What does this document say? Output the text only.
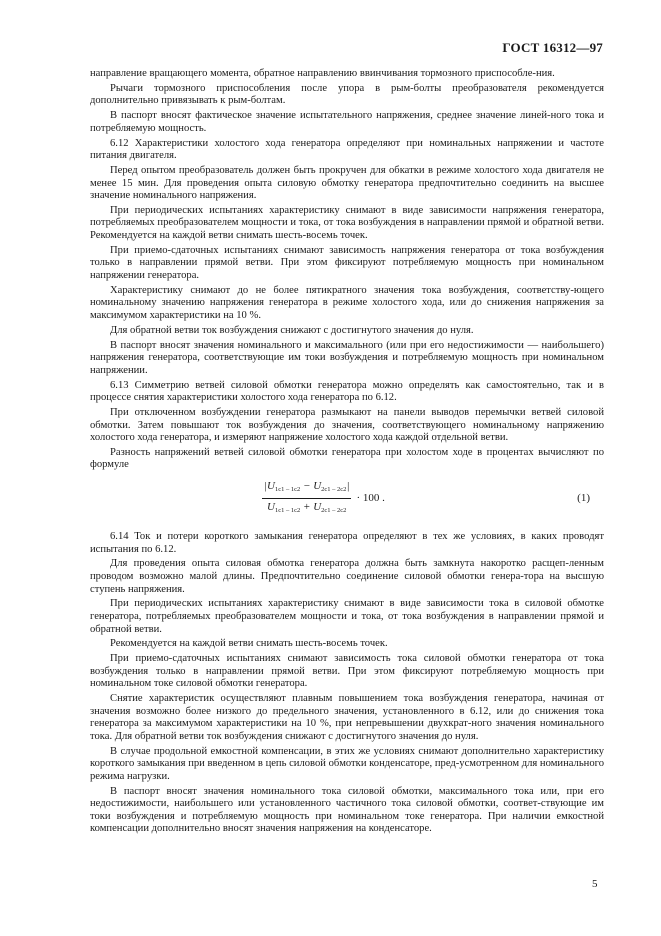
ГОСТ 16312—97

направление вращающего момента, обратное направлению ввинчивания тормозного приспособле-ния.

Рычаги тормозного приспособления после упора в рым-болты преобразователя рекомендуется дополнительно привязывать к рым-болтам.

В паспорт вносят фактическое значение испытательного напряжения, среднее значение линей-ного тока и потребляемую мощность.

6.12 Характеристики холостого хода генератора определяют при номинальных напряжении и частоте питания двигателя.

Перед опытом преобразователь должен быть прокручен для обкатки в режиме холостого хода двигателя не менее 15 мин. Для проведения опыта силовую обмотку генератора предпочтительно соединить на высшее значение номинального напряжения.

При периодических испытаниях характеристику снимают в виде зависимости напряжения генератора, потребляемых преобразователем мощности и тока, от тока возбуждения в направлении прямой и обратной ветви. Рекомендуется на каждой ветви снимать шесть-восемь точек.

При приемо-сдаточных испытаниях снимают зависимость напряжения генератора от тока возбуждения только в направлении прямой ветви. При этом фиксируют потребляемую мощность при номинальном напряжении генератора.

Характеристику снимают до не более пятикратного значения тока возбуждения, соответству-ющего номинальному значению напряжения генератора в режиме холостого хода, или до снижения напряжения за максимумом характеристики на 10 %.

Для обратной ветви ток возбуждения снижают с достигнутого значения до нуля.

В паспорт вносят значения номинального и максимального (или при его недостижимости — наибольшего) напряжения генератора, соответствующие им токи возбуждения и потребляемую мощность при номинальном напряжении.

6.13 Симметрию ветвей силовой обмотки генератора можно определять как самостоятельно, так и в процессе снятия характеристики холостого хода генератора по 6.12.

При отключенном возбуждении генератора размыкают на панели выводов перемычки ветвей силовой обмотки. Затем повышают ток возбуждения до значения, соответствующего номинальному напряжению холостого хода генератора, и измеряют напряжение холостого хода каждой отдельной ветви.

Разность напряжений ветвей силовой обмотки генератора при холостом ходе в процентах вычисляют по формуле

$\frac{|U_{1с1 - 1с2} - U_{2с1 - 2с2}|}{U_{1с1 - 1с2} + U_{2с1 - 2с2}} \cdot 100$ .	(1)

6.14 Ток и потери короткого замыкания генератора определяют в тех же условиях, в каких проводят испытания по 6.12.

Для проведения опыта силовая обмотка генератора должна быть замкнута накоротко расщеп-ленным проводом возможно малой длины. Предпочтительно соединение силовой обмотки генера-тора на высшую ступень напряжения.

При периодических испытаниях характеристику снимают в виде зависимости тока в силовой обмотке генератора, потребляемых преобразователем мощности и тока, от тока возбуждения в направлении прямой и обратной ветви.

Рекомендуется на каждой ветви снимать шесть-восемь точек.

При приемо-сдаточных испытаниях снимают зависимость тока силовой обмотки генератора от тока возбуждения только в направлении прямой ветви. При этом фиксируют потребляемую мощность при номинальном токе силовой обмотки генератора.

Снятие характеристик осуществляют плавным повышением тока возбуждения генератора, начиная от значения возможно более низкого до предельного значения, установленного в 6.12, или до снижения тока генератора за максимумом характеристики на 10 %, при непревышении двухкрат-ного значения номинального тока. Для обратной ветви ток возбуждения снижают с достигнутого значения до нуля.

В случае продольной емкостной компенсации, в этих же условиях снимают дополнительно характеристику короткого замыкания при введенном в цепь силовой обмотки конденсаторе, пред-усмотренном для номинального режима нагрузки.

В паспорт вносят значения номинального тока силовой обмотки, максимального тока или, при его недостижимости, наибольшего или установленного частичного тока силовой обмотки, соответ-ствующие им токи возбуждения и потребляемую мощность при номинальном токе генератора. При наличии емкостной компенсации дополнительно вносят значения напряжения на конденсаторе.

5
